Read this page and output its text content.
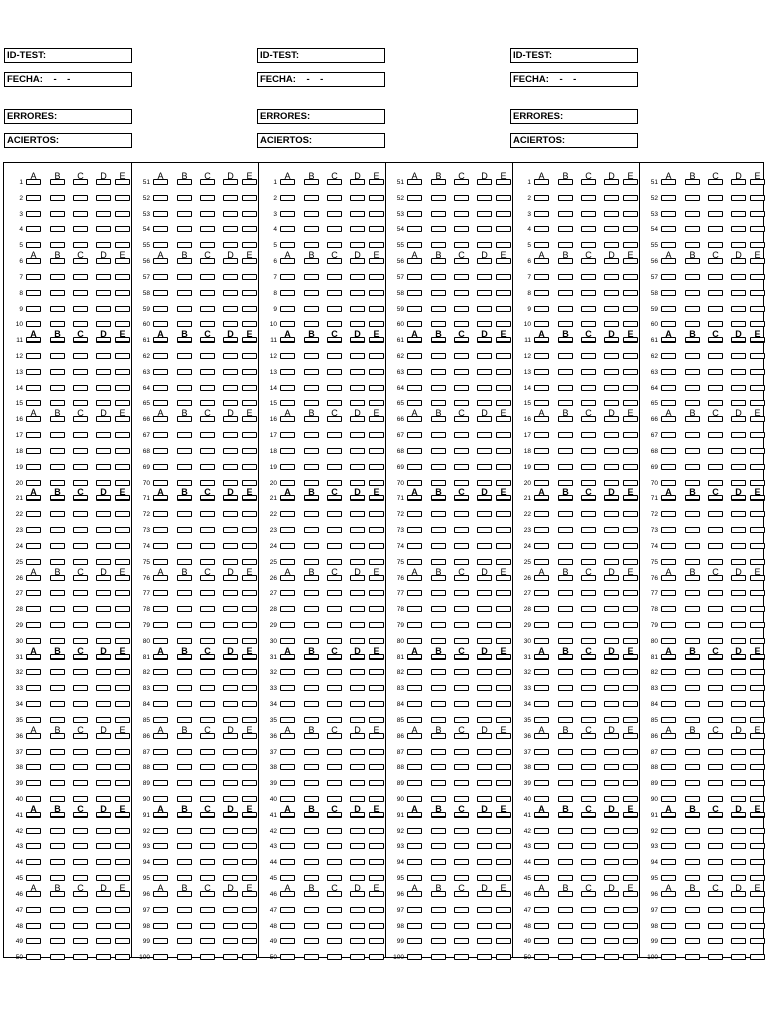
ID-TEST:
FECHA:    -    -
ERRORES:
ACIERTOS:
ID-TEST:
FECHA:    -    -
ERRORES:
ACIERTOS:
ID-TEST:
FECHA:    -    -
ERRORES:
ACIERTOS:
1
A	B	C	D	E
2
3
4
5
6
A	B	C	D	E
7
8
9
10
11
A	B	C	D	E
12
13
14
15
16
A	B	C	D	E
17
18
19
20
21
A	B	C	D	E
22
23
24
25
26
A	B	C	D	E
27
28
29
30
31
A	B	C	D	E
32
33
34
35
36
A	B	C	D	E
37
38
39
40
41
A	B	C	D	E
42
43
44
45
46
A	B	C	D	E
47
48
49
50
51
A	B	C	D	E
52
53
54
55
56
A	B	C	D	E
57
58
59
60
61
A	B	C	D	E
62
63
64
65
66
A	B	C	D	E
67
68
69
70
71
A	B	C	D	E
72
73
74
75
76
A	B	C	D	E
77
78
79
80
81
A	B	C	D	E
82
83
84
85
86
A	B	C	D	E
87
88
89
90
91
A	B	C	D	E
92
93
94
95
96
A	B	C	D	E
97
98
99
100
1
A	B	C	D	E
2
3
4
5
6
A	B	C	D	E
7
8
9
10
11
A	B	C	D	E
12
13
14
15
16
A	B	C	D	E
17
18
19
20
21
A	B	C	D	E
22
23
24
25
26
A	B	C	D	E
27
28
29
30
31
A	B	C	D	E
32
33
34
35
36
A	B	C	D	E
37
38
39
40
41
A	B	C	D	E
42
43
44
45
46
A	B	C	D	E
47
48
49
50
51
A	B	C	D	E
52
53
54
55
56
A	B	C	D	E
57
58
59
60
61
A	B	C	D	E
62
63
64
65
66
A	B	C	D	E
67
68
69
70
71
A	B	C	D	E
72
73
74
75
76
A	B	C	D	E
77
78
79
80
81
A	B	C	D	E
82
83
84
85
86
A	B	C	D	E
87
88
89
90
91
A	B	C	D	E
92
93
94
95
96
A	B	C	D	E
97
98
99
100
1
A	B	C	D	E
2
3
4
5
6
A	B	C	D	E
7
8
9
10
11
A	B	C	D	E
12
13
14
15
16
A	B	C	D	E
17
18
19
20
21
A	B	C	D	E
22
23
24
25
26
A	B	C	D	E
27
28
29
30
31
A	B	C	D	E
32
33
34
35
36
A	B	C	D	E
37
38
39
40
41
A	B	C	D	E
42
43
44
45
46
A	B	C	D	E
47
48
49
50
51
A	B	C	D	E
52
53
54
55
56
A	B	C	D	E
57
58
59
60
61
A	B	C	D	E
62
63
64
65
66
A	B	C	D	E
67
68
69
70
71
A	B	C	D	E
72
73
74
75
76
A	B	C	D	E
77
78
79
80
81
A	B	C	D	E
82
83
84
85
86
A	B	C	D	E
87
88
89
90
91
A	B	C	D	E
92
93
94
95
96
A	B	C	D	E
97
98
99
100
